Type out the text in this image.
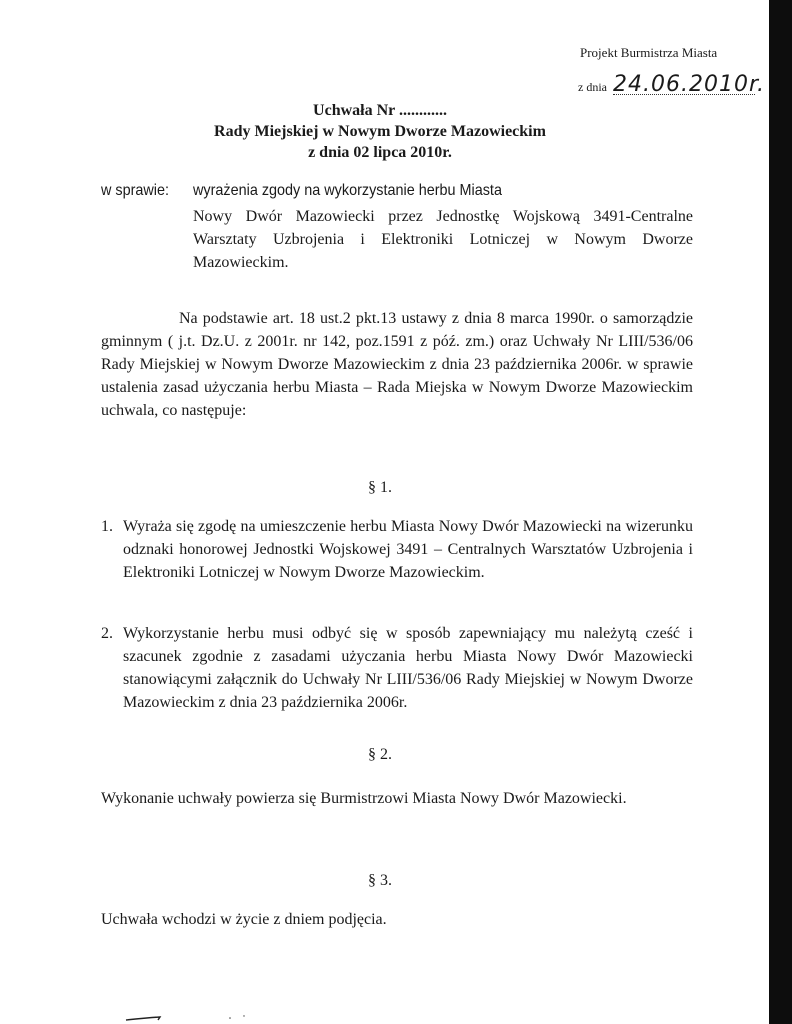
Projekt Burmistrza Miasta
z dnia 24.06.2010r.
Uchwała Nr ............
Rady Miejskiej w Nowym Dworze Mazowieckim
z dnia 02 lipca 2010r.
w sprawie: wyrażenia zgody na wykorzystanie herbu Miasta
Nowy Dwór Mazowiecki przez Jednostkę Wojskową 3491-Centralne Warsztaty Uzbrojenia i Elektroniki Lotniczej w Nowym Dworze Mazowieckim.
Na podstawie art. 18 ust.2 pkt.13 ustawy z dnia 8 marca 1990r. o samorządzie gminnym ( j.t. Dz.U. z 2001r. nr 142, poz.1591 z póź. zm.) oraz Uchwały Nr LIII/536/06 Rady Miejskiej w Nowym Dworze Mazowieckim z dnia 23 października 2006r. w sprawie ustalenia zasad użyczania herbu Miasta – Rada Miejska w Nowym Dworze Mazowieckim uchwala, co następuje:
§ 1.
1. Wyraża się zgodę na umieszczenie herbu Miasta Nowy Dwór Mazowiecki na wizerunku odznaki honorowej Jednostki Wojskowej 3491 – Centralnych Warsztatów Uzbrojenia i Elektroniki Lotniczej w Nowym Dworze Mazowieckim.
2. Wykorzystanie herbu musi odbyć się w sposób zapewniający mu należytą cześć i szacunek zgodnie z zasadami użyczania herbu Miasta Nowy Dwór Mazowiecki stanowiącymi załącznik do Uchwały Nr LIII/536/06 Rady Miejskiej w Nowym Dworze Mazowieckim z dnia 23 października 2006r.
§ 2.
Wykonanie uchwały powierza się Burmistrzowi Miasta Nowy Dwór Mazowiecki.
§ 3.
Uchwała wchodzi w życie z dniem podjęcia.
